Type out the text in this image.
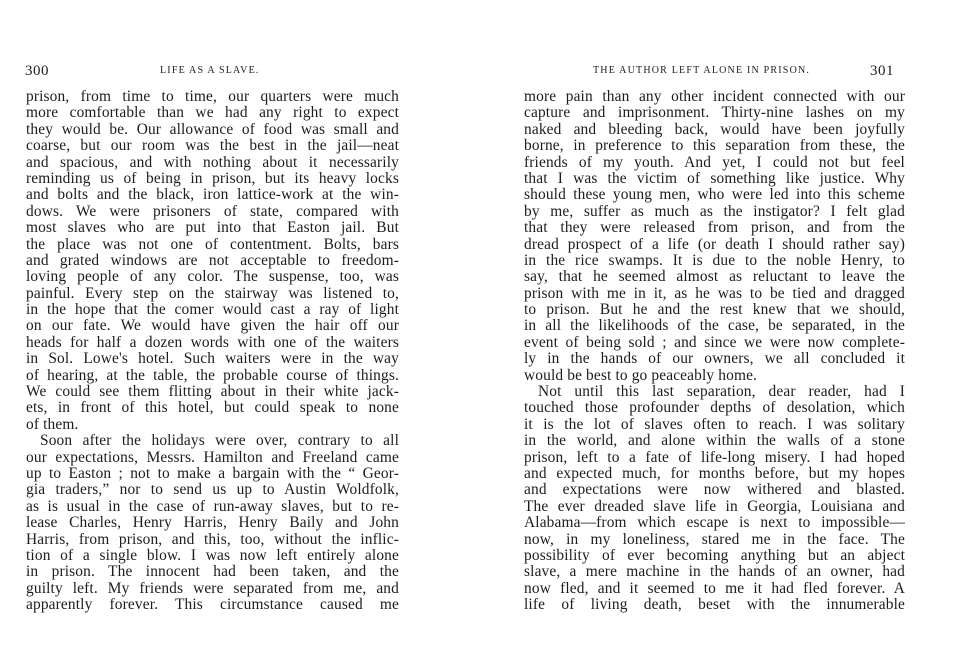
300	LIFE AS A SLAVE.
prison, from time to time, our quarters were much
more comfortable than we had any right to expect
they would be. Our allowance of food was small and
coarse, but our room was the best in the jail—neat
and spacious, and with nothing about it necessarily
reminding us of being in prison, but its heavy locks
and bolts and the black, iron lattice-work at the win-
dows. We were prisoners of state, compared with
most slaves who are put into that Easton jail. But
the place was not one of contentment. Bolts, bars
and grated windows are not acceptable to freedom-
loving people of any color. The suspense, too, was
painful. Every step on the stairway was listened to,
in the hope that the comer would cast a ray of light
on our fate. We would have given the hair off our
heads for half a dozen words with one of the waiters
in Sol. Lowe's hotel. Such waiters were in the way
of hearing, at the table, the probable course of things.
We could see them flitting about in their white jack-
ets, in front of this hotel, but could speak to none
of them.
Soon after the holidays were over, contrary to all
our expectations, Messrs. Hamilton and Freeland came
up to Easton ; not to make a bargain with the “ Geor-
gia traders,” nor to send us up to Austin Woldfolk,
as is usual in the case of run-away slaves, but to re-
lease Charles, Henry Harris, Henry Baily and John
Harris, from prison, and this, too, without the inflic-
tion of a single blow. I was now left entirely alone
in prison. The innocent had been taken, and the
guilty left. My friends were separated from me, and
apparently forever. This circumstance caused me
THE AUTHOR LEFT ALONE IN PRISON.	301
more pain than any other incident connected with our
capture and imprisonment. Thirty-nine lashes on my
naked and bleeding back, would have been joyfully
borne, in preference to this separation from these, the
friends of my youth. And yet, I could not but feel
that I was the victim of something like justice. Why
should these young men, who were led into this scheme
by me, suffer as much as the instigator? I felt glad
that they were released from prison, and from the
dread prospect of a life (or death I should rather say)
in the rice swamps. It is due to the noble Henry, to
say, that he seemed almost as reluctant to leave the
prison with me in it, as he was to be tied and dragged
to prison. But he and the rest knew that we should,
in all the likelihoods of the case, be separated, in the
event of being sold ; and since we were now complete-
ly in the hands of our owners, we all concluded it
would be best to go peaceably home.
Not until this last separation, dear reader, had I
touched those profounder depths of desolation, which
it is the lot of slaves often to reach. I was solitary
in the world, and alone within the walls of a stone
prison, left to a fate of life-long misery. I had hoped
and expected much, for months before, but my hopes
and expectations were now withered and blasted.
The ever dreaded slave life in Georgia, Louisiana and
Alabama—from which escape is next to impossible—
now, in my loneliness, stared me in the face. The
possibility of ever becoming anything but an abject
slave, a mere machine in the hands of an owner, had
now fled, and it seemed to me it had fled forever. A
life of living death, beset with the innumerable
